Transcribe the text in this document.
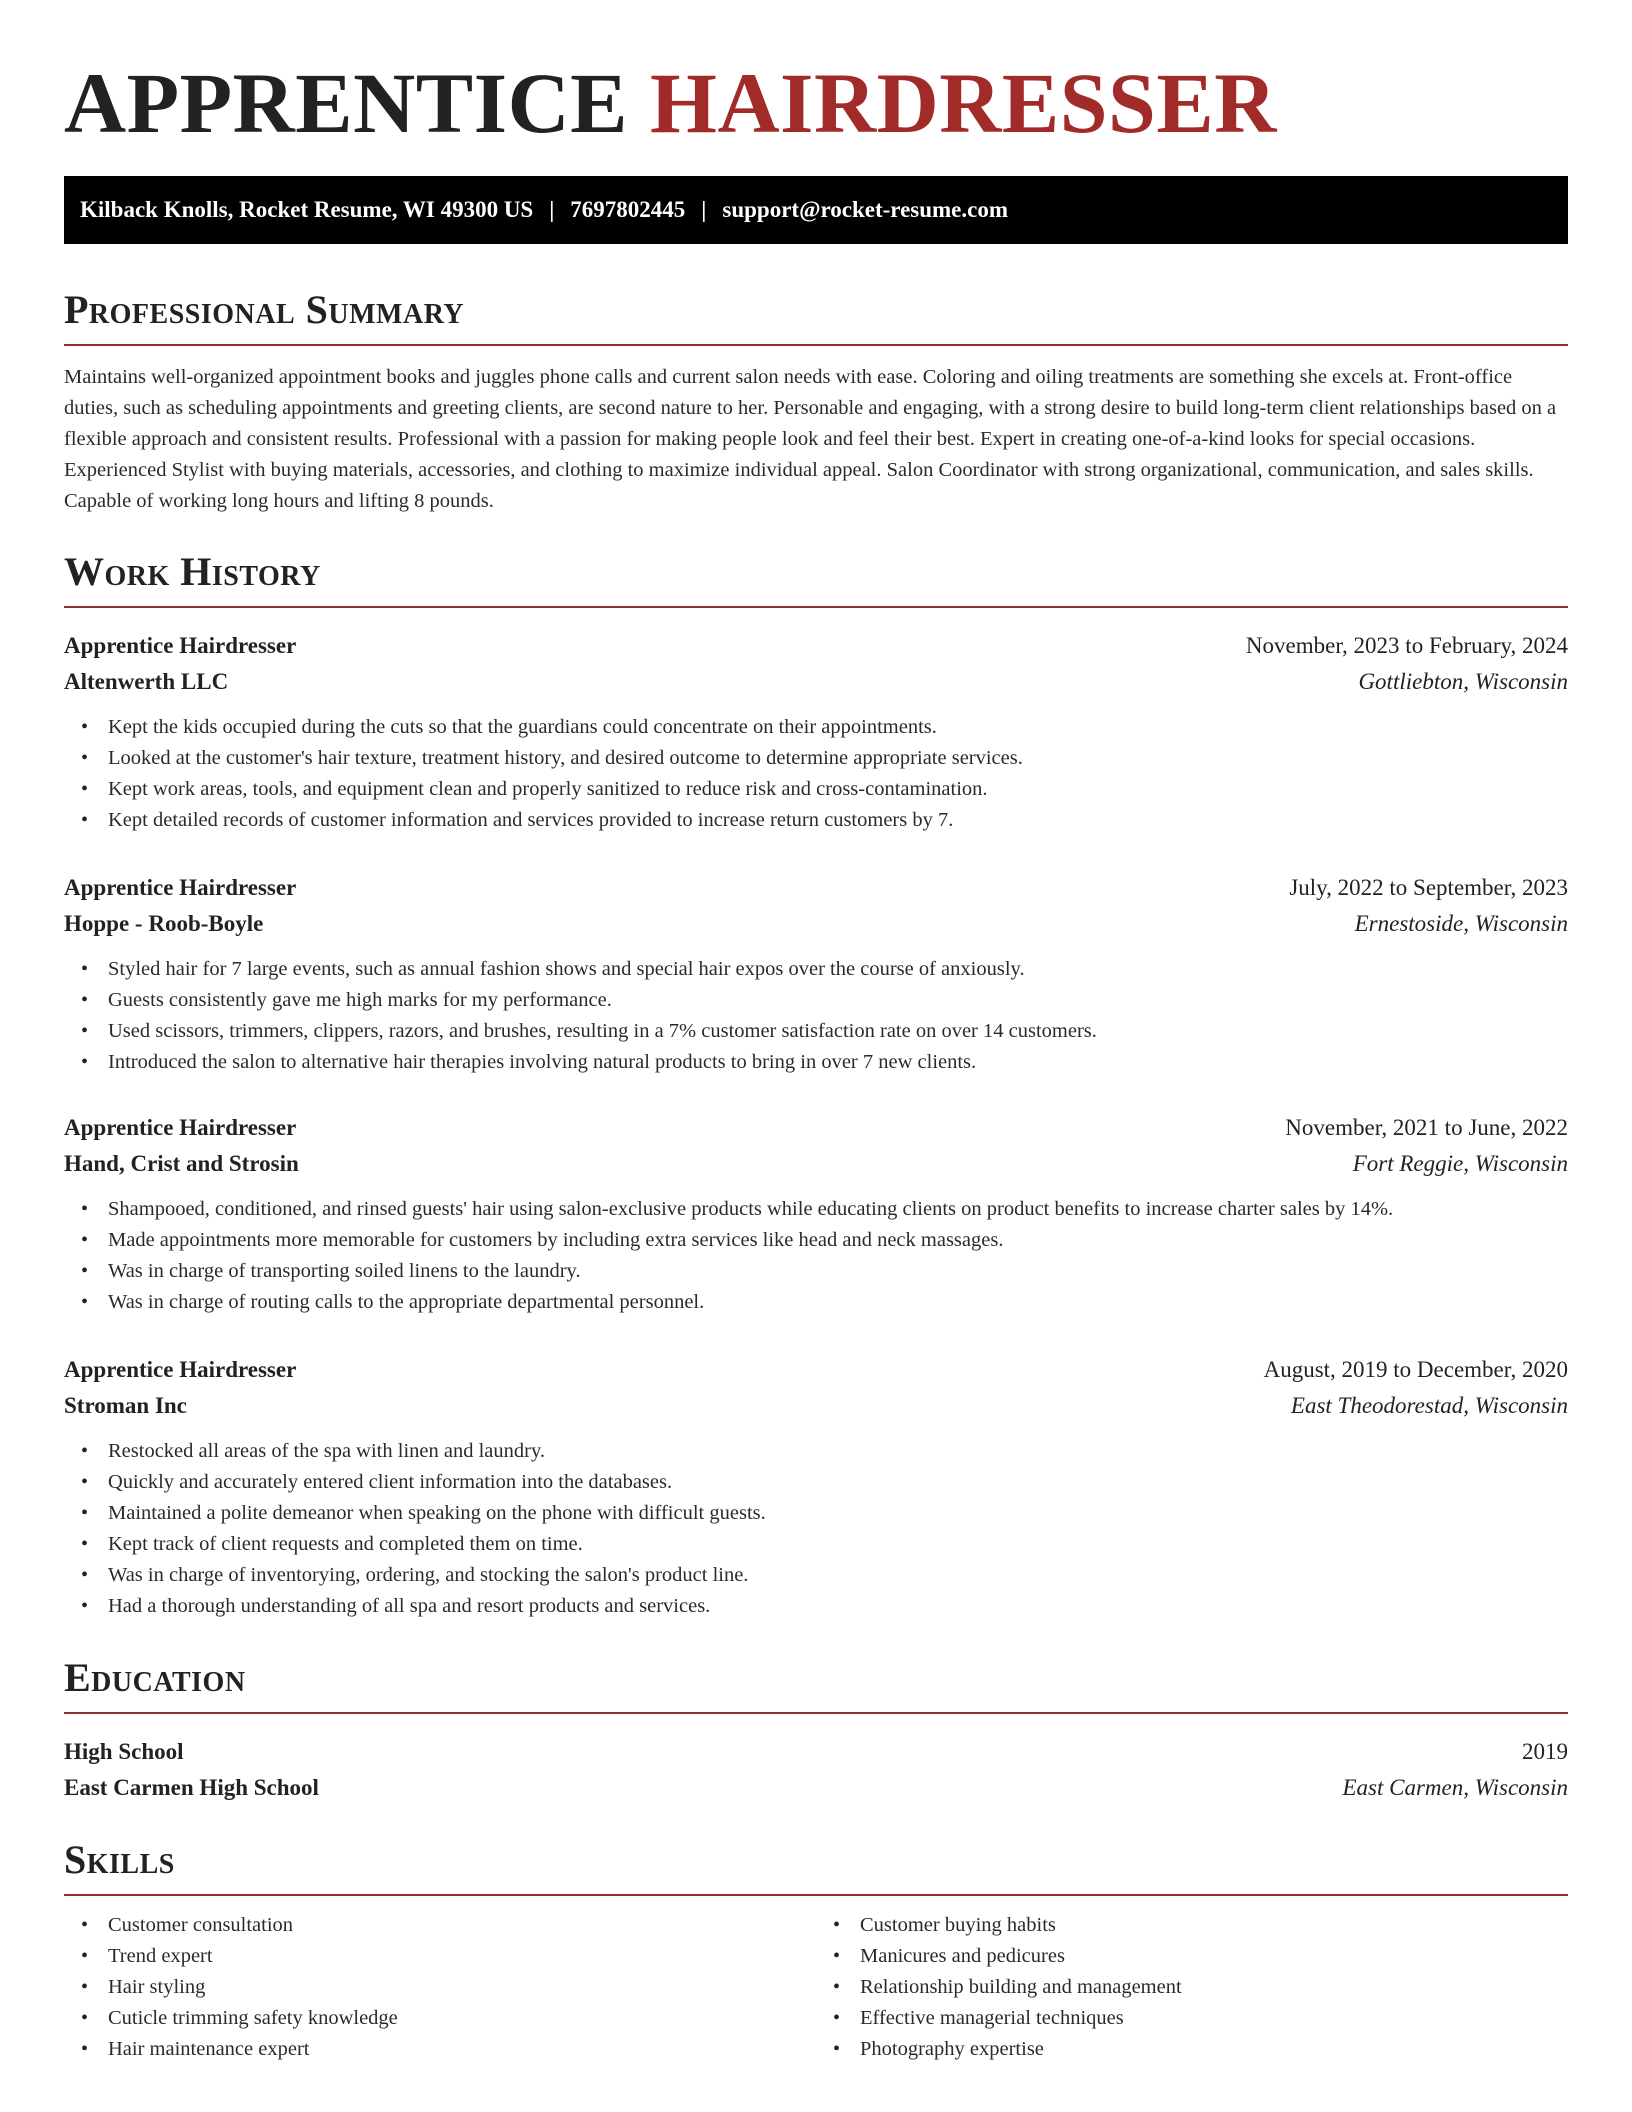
APPRENTICE HAIRDRESSER
Kilback Knolls, Rocket Resume, WI 49300 US | 7697802445 | support@rocket-resume.com
Professional Summary

Maintains well-organized appointment books and juggles phone calls and current salon needs with ease. Coloring and oiling treatments are something she excels at. Front-office duties, such as scheduling appointments and greeting clients, are second nature to her. Personable and engaging, with a strong desire to build long-term client relationships based on a flexible approach and consistent results. Professional with a passion for making people look and feel their best. Expert in creating one-of-a-kind looks for special occasions. Experienced Stylist with buying materials, accessories, and clothing to maximize individual appeal. Salon Coordinator with strong organizational, communication, and sales skills. Capable of working long hours and lifting 8 pounds.

Work History
Apprentice Hairdresser	November, 2023 to February, 2024
Altenwerth LLC	Gottliebton, Wisconsin
• Kept the kids occupied during the cuts so that the guardians could concentrate on their appointments.
• Looked at the customer's hair texture, treatment history, and desired outcome to determine appropriate services.
• Kept work areas, tools, and equipment clean and properly sanitized to reduce risk and cross-contamination.
• Kept detailed records of customer information and services provided to increase return customers by 7.
Apprentice Hairdresser	July, 2022 to September, 2023
Hoppe - Roob-Boyle	Ernestoside, Wisconsin
• Styled hair for 7 large events, such as annual fashion shows and special hair expos over the course of anxiously.
• Guests consistently gave me high marks for my performance.
• Used scissors, trimmers, clippers, razors, and brushes, resulting in a 7% customer satisfaction rate on over 14 customers.
• Introduced the salon to alternative hair therapies involving natural products to bring in over 7 new clients.
Apprentice Hairdresser	November, 2021 to June, 2022
Hand, Crist and Strosin	Fort Reggie, Wisconsin
• Shampooed, conditioned, and rinsed guests' hair using salon-exclusive products while educating clients on product benefits to increase charter sales by 14%.
• Made appointments more memorable for customers by including extra services like head and neck massages.
• Was in charge of transporting soiled linens to the laundry.
• Was in charge of routing calls to the appropriate departmental personnel.
Apprentice Hairdresser	August, 2019 to December, 2020
Stroman Inc	East Theodorestad, Wisconsin
• Restocked all areas of the spa with linen and laundry.
• Quickly and accurately entered client information into the databases.
• Maintained a polite demeanor when speaking on the phone with difficult guests.
• Kept track of client requests and completed them on time.
• Was in charge of inventorying, ordering, and stocking the salon's product line.
• Had a thorough understanding of all spa and resort products and services.
Education
High School	2019
East Carmen High School	East Carmen, Wisconsin
Skills
• Customer consultation
• Trend expert
• Hair styling
• Cuticle trimming safety knowledge
• Hair maintenance expert
• Customer buying habits
• Manicures and pedicures
• Relationship building and management
• Effective managerial techniques
• Photography expertise
